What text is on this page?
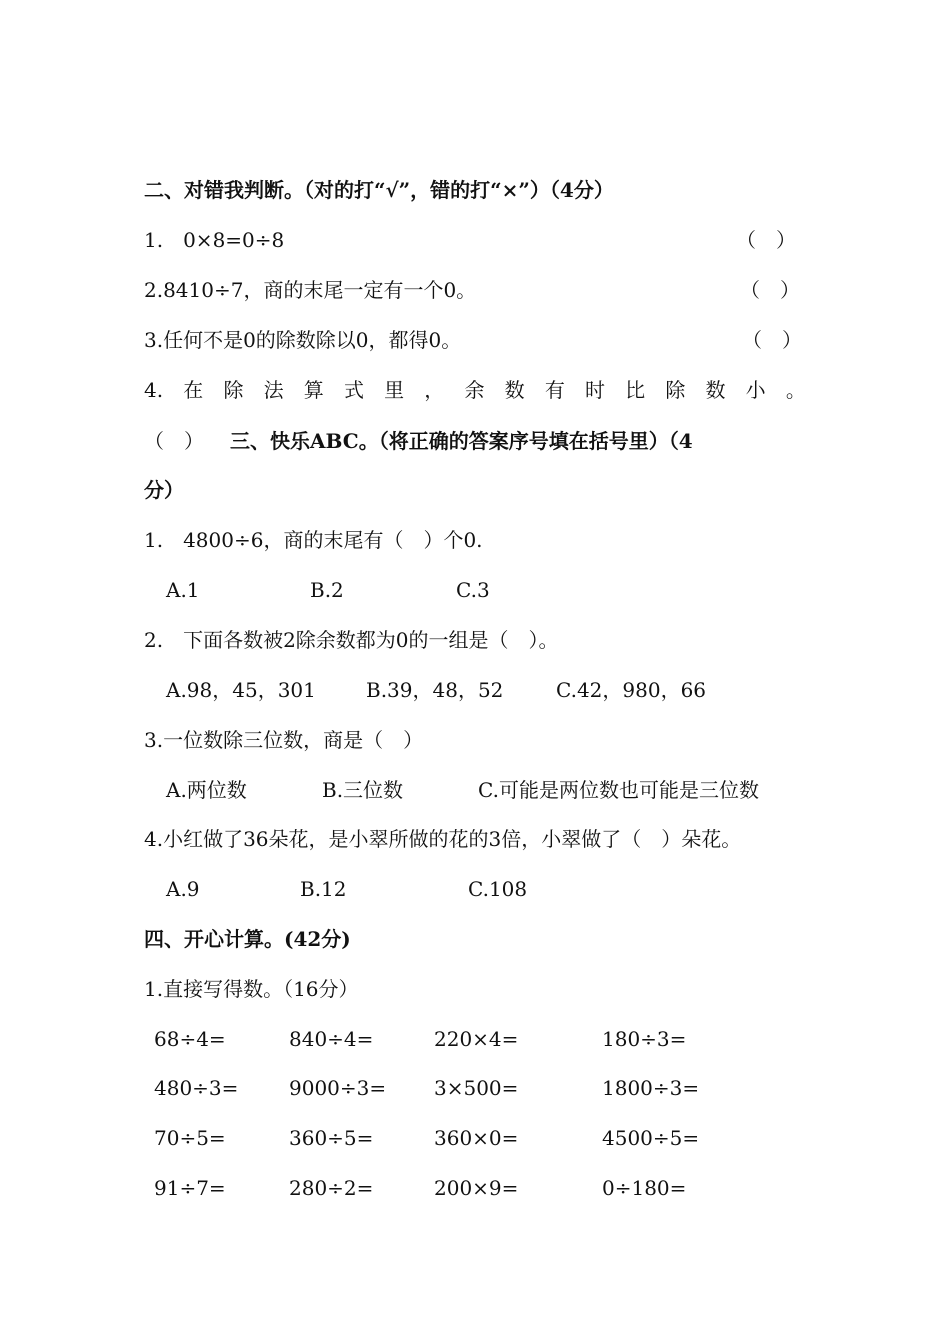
二、对错我判断。（对的打“√”，错的打“×”）（4分）
1.　0×8=0÷8	（　）
2.8410÷7，商的末尾一定有一个0。	（　）
3.任何不是0的除数除以0，都得0。	（　）
4. 在 除 法 算 式 里 ， 余 数 有 时 比 除 数 小 。
（　） 三、快乐ABC。（将正确的答案序号填在括号里）（4
分）
1.　4800÷6，商的末尾有（　）个0.
A.1	B.2	C.3
2.　下面各数被2除余数都为0的一组是（　）。
A.98，45，301	B.39，48，52	C.42，980，66
3.一位数除三位数，商是（　）
A.两位数	B.三位数	C.可能是两位数也可能是三位数
4.小红做了36朵花，是小翠所做的花的3倍，小翠做了（　）朵花。
A.9	B.12	C.108
四、开心计算。(42分)
1.直接写得数。（16分）
68÷4=	840÷4=	220×4=	180÷3=
480÷3=	9000÷3= 3×500=	1800÷3=
70÷5=	360÷5=	360×0=	4500÷5=
91÷7=	280÷2=	200×9=	0÷180=
